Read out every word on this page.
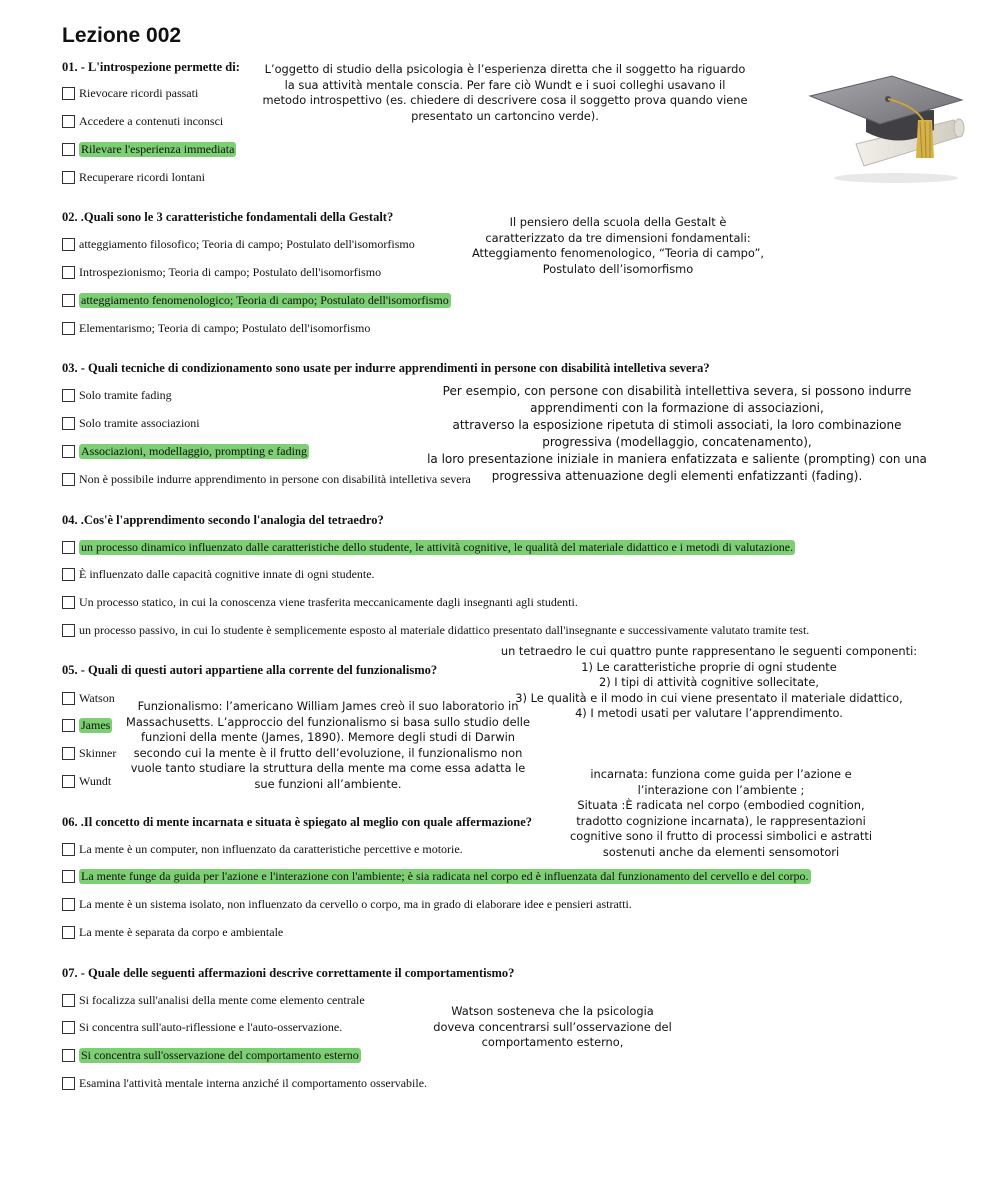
Lezione 002
01. - L'introspezione permette di:
Rievocare ricordi passati
Accedere a contenuti inconsci
Rilevare l'esperienza immediata
Recuperare ricordi lontani
02. .Quali sono le 3 caratteristiche fondamentali della Gestalt?
atteggiamento filosofico; Teoria di campo; Postulato dell'isomorfismo
Introspezionismo; Teoria di campo; Postulato dell'isomorfismo
atteggiamento fenomenologico; Teoria di campo; Postulato dell'isomorfismo
Elementarismo; Teoria di campo; Postulato dell'isomorfismo
03. - Quali tecniche di condizionamento sono usate per indurre apprendimenti in persone con disabilità intelletiva severa?
Solo tramite fading
Solo tramite associazioni
Associazioni, modellaggio, prompting e fading
Non è possibile indurre apprendimento in persone con disabilità intelletiva severa
04. .Cos'è l'apprendimento secondo l'analogia del tetraedro?
un processo dinamico influenzato dalle caratteristiche dello studente, le attività cognitive, le qualità del materiale didattico e i metodi di valutazione.
È influenzato dalle capacità cognitive innate di ogni studente.
Un processo statico, in cui la conoscenza viene trasferita meccanicamente dagli insegnanti agli studenti.
un processo passivo, in cui lo studente è semplicemente esposto al materiale didattico presentato dall'insegnante e successivamente valutato tramite test.
05. - Quali di questi autori appartiene alla corrente del funzionalismo?
Watson
James
Skinner
Wundt
06. .Il concetto di mente incarnata e situata è spiegato al meglio con quale affermazione?
La mente è un computer, non influenzato da caratteristiche percettive e motorie.
La mente funge da guida per l'azione e l'interazione con l'ambiente; è sia radicata nel corpo ed è influenzata dal funzionamento del cervello e del corpo.
La mente è un sistema isolato, non influenzato da cervello o corpo, ma in grado di elaborare idee e pensieri astratti.
La mente è separata da corpo e ambientale
07. - Quale delle seguenti affermazioni descrive correttamente il comportamentismo?
Si focalizza sull'analisi della mente come elemento centrale
Si concentra sull'auto-riflessione e l'auto-osservazione.
Si concentra sull'osservazione del comportamento esterno
Esamina l'attività mentale interna anziché il comportamento osservabile.
L’oggetto di studio della psicologia è l’esperienza diretta che il soggetto ha riguardo
la sua attività mentale conscia. Per fare ciò Wundt e i suoi colleghi usavano il
metodo introspettivo (es. chiedere di descrivere cosa il soggetto prova quando viene
presentato un cartoncino verde).
Il pensiero della scuola della Gestalt è
caratterizzato da tre dimensioni fondamentali:
Atteggiamento fenomenologico, “Teoria di campo”,
Postulato dell’isomorfismo
Per esempio, con persone con disabilità intellettiva severa, si possono indurre
apprendimenti con la formazione di associazioni,
attraverso la esposizione ripetuta di stimoli associati, la loro combinazione
progressiva (modellaggio, concatenamento),
la loro presentazione iniziale in maniera enfatizzata e saliente (prompting) con una
progressiva attenuazione degli elementi enfatizzanti (fading).
un tetraedro le cui quattro punte rappresentano le seguenti componenti:
1) Le caratteristiche proprie di ogni studente
2) I tipi di attività cognitive sollecitate,
3) Le qualità e il modo in cui viene presentato il materiale didattico,
4) I metodi usati per valutare l’apprendimento.
Funzionalismo: l’americano William James creò il suo laboratorio in
Massachusetts. L’approccio del funzionalismo si basa sullo studio delle
funzioni della mente (James, 1890). Memore degli studi di Darwin
secondo cui la mente è il frutto dell’evoluzione, il funzionalismo non
vuole tanto studiare la struttura della mente ma come essa adatta le
sue funzioni all’ambiente.
incarnata: funziona come guida per l’azione e
l’interazione con l’ambiente ;
Situata :È radicata nel corpo (embodied cognition,
tradotto cognizione incarnata), le rappresentazioni
cognitive sono il frutto di processi simbolici e astratti
sostenuti anche da elementi sensomotori
Watson sosteneva che la psicologia
doveva concentrarsi sull’osservazione del
comportamento esterno,
